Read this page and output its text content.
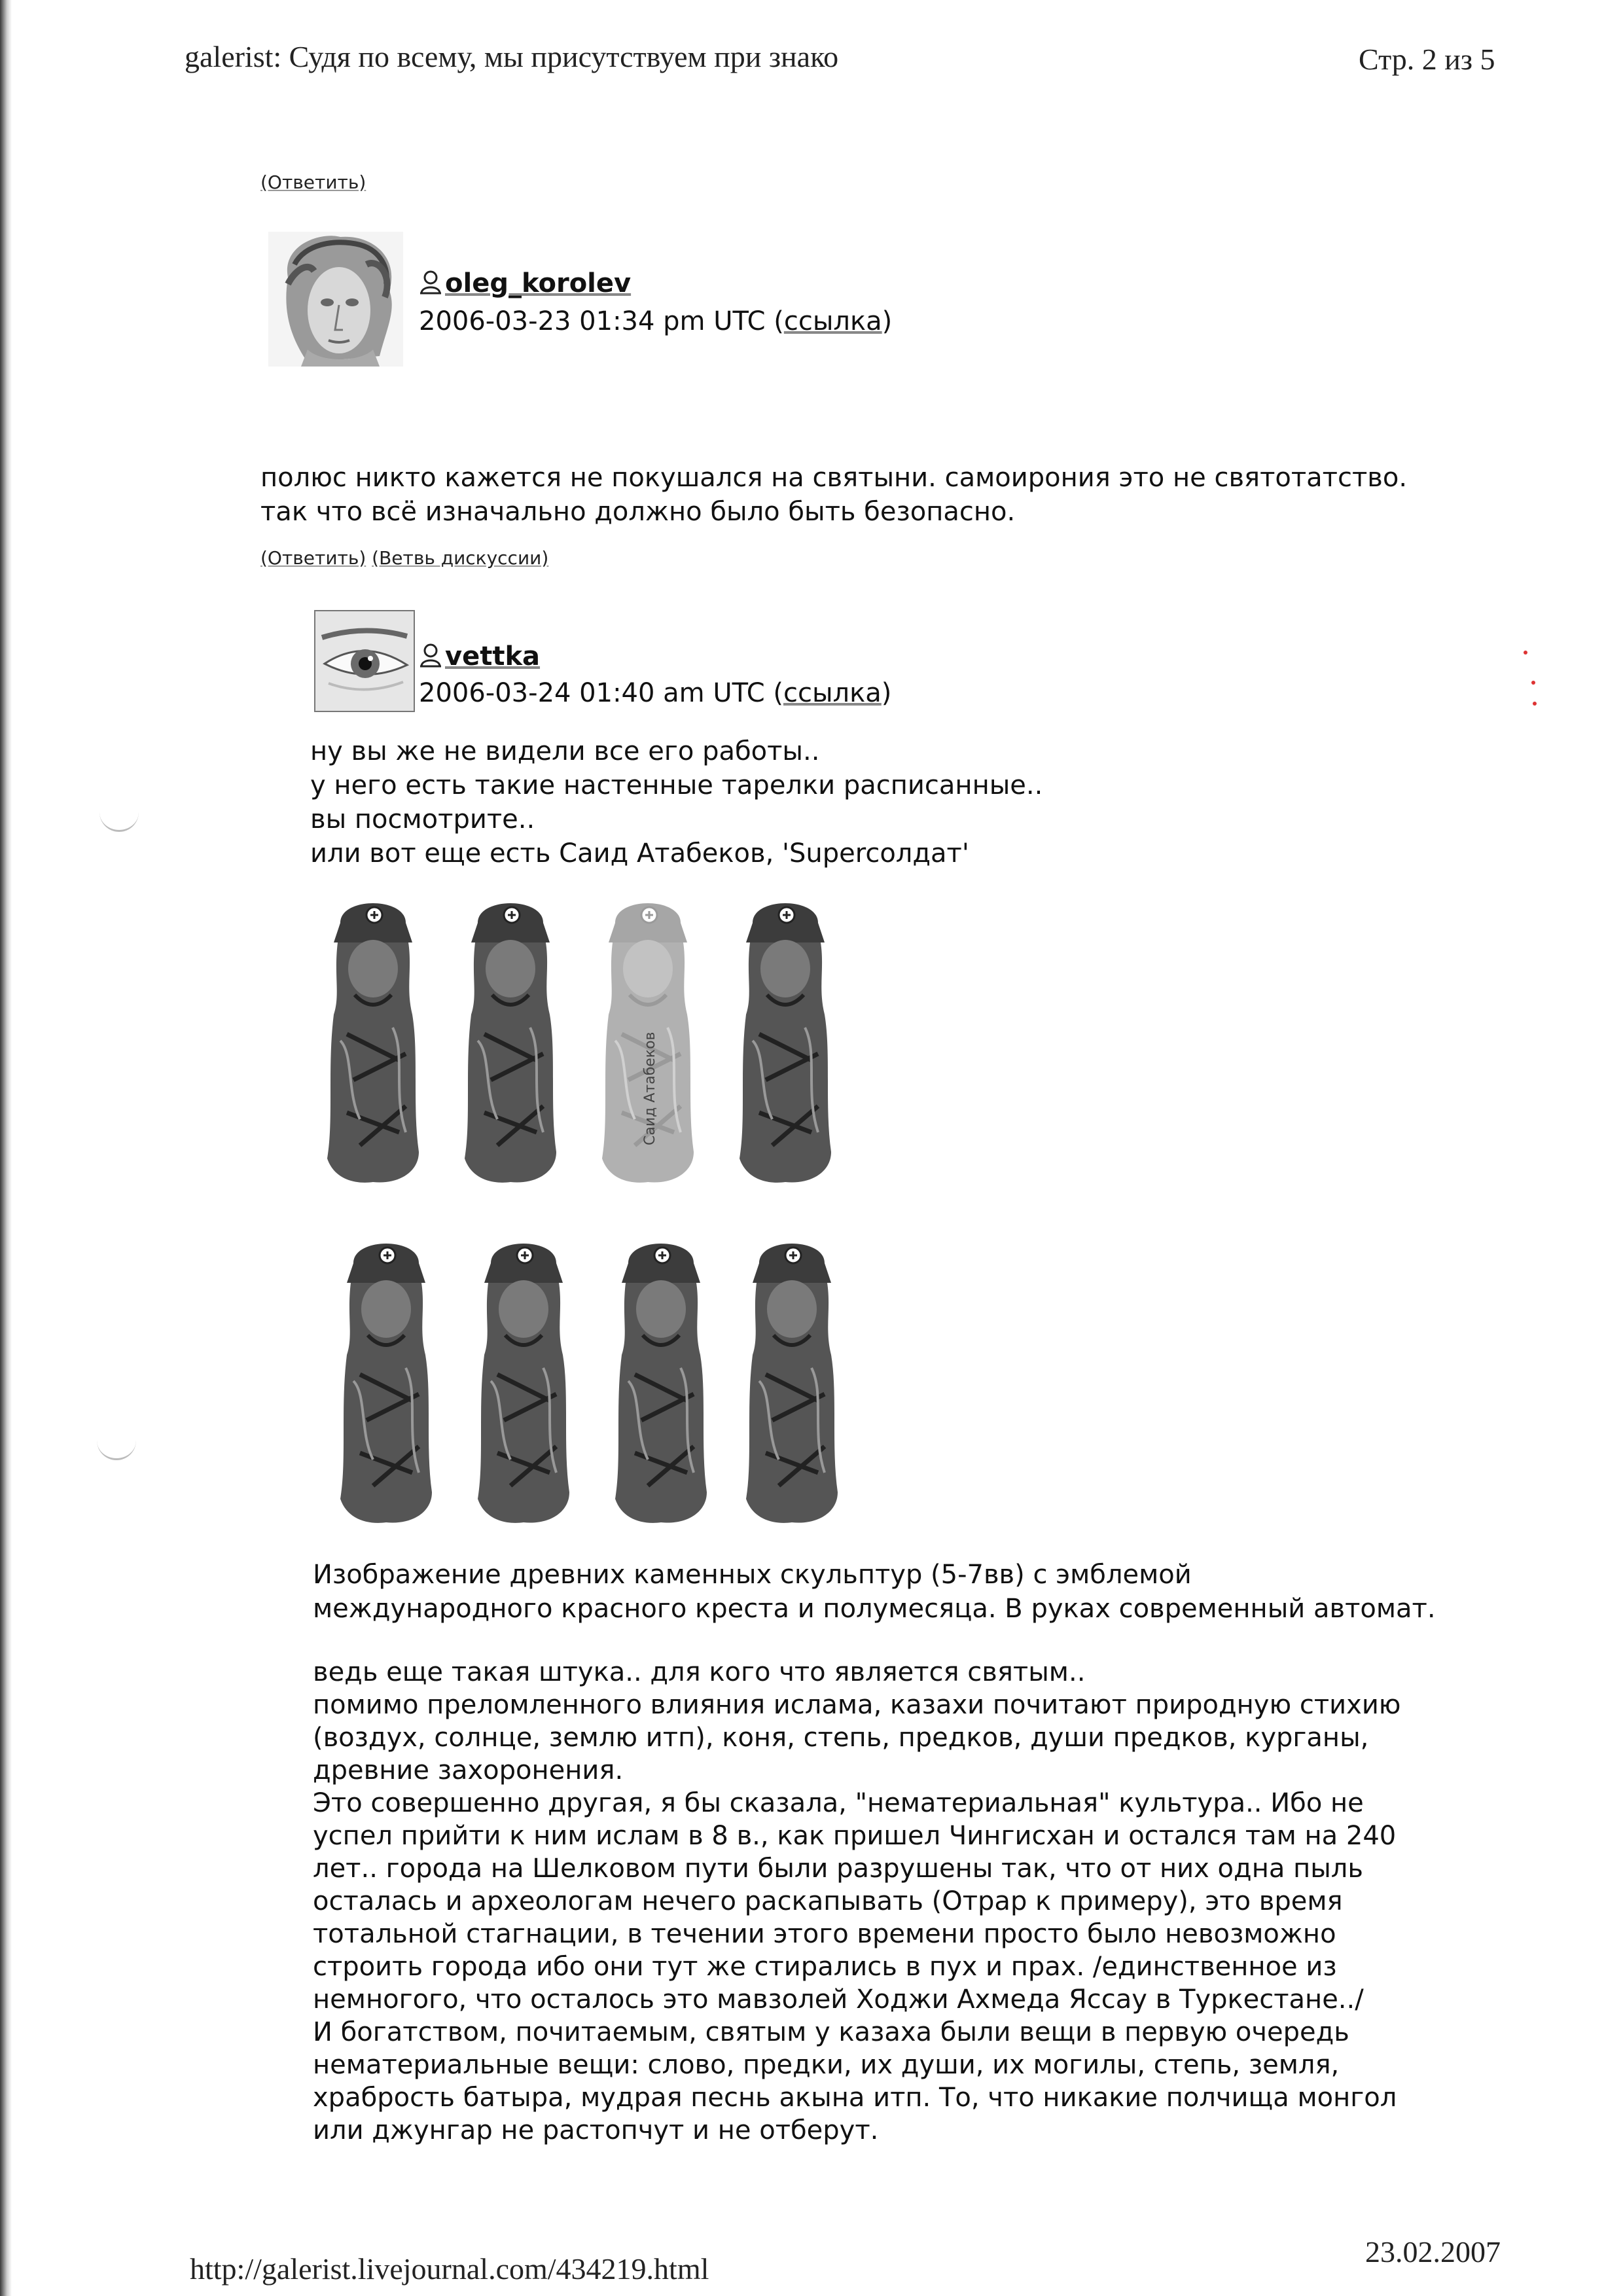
galerist: Судя по всему, мы присутствуем при знако	Стр. 2 из 5
(Ответить)
oleg_korolev
2006-03-23 01:34 pm UTC (ссылка)

полюс никто кажется не покушался на святыни. самоирония это не святотатство.

так что всё изначально должно было быть безопасно.

(Ответить) (Ветвь дискуссии)
vettka
2006-03-24 01:40 am UTC (ссылка)

ну вы же не видели все его работы..

у него есть такие настенные тарелки расписанные..

вы посмотрите..

или вот еще есть Саид Атабеков, 'Supercолдат'

Саид Атабеков

Изображение древних каменных скульптур (5-7вв) с эмблемой

международного красного креста и полумесяца. В руках современный автомат.

ведь еще такая штука.. для кого что является святым..

помимо преломленного влияния ислама, казахи почитают природную стихию

(воздух, солнце, землю итп), коня, степь, предков, души предков, курганы,

древние захоронения.

Это совершенно другая, я бы сказала, "нематериальная" культура.. Ибо не

успел прийти к ним ислам в 8 в., как пришел Чингисхан и остался там на 240

лет.. города на Шелковом пути были разрушены так, что от них одна пыль

осталась и археологам нечего раскапывать (Отрар к примеру), это время

тотальной стагнации, в течении этого времени просто было невозможно

строить города ибо они тут же стирались в пух и прах. /единственное из

немногого, что осталось это мавзолей Ходжи Ахмеда Яссау в Туркестане../

И богатством, почитаемым, святым у казаха были вещи в первую очередь

нематериальные вещи: слово, предки, их души, их могилы, степь, земля,

храбрость батыра, мудрая песнь акына итп. То, что никакие полчища монгол

или джунгар не растопчут и не отберут.

http://galerist.livejournal.com/434219.html
23.02.2007
